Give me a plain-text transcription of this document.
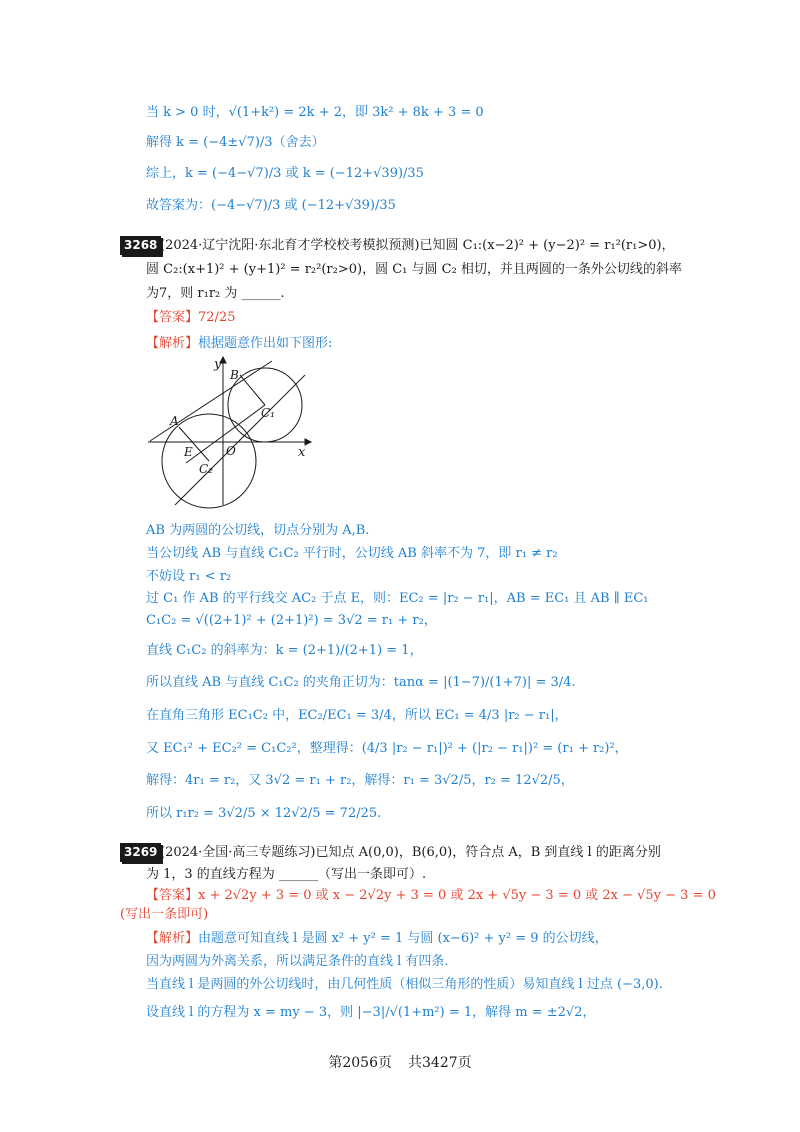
当 k > 0 时，√(1+k²) = 2k + 2，即 3k² + 8k + 3 = 0
解得 k = (−4±√7)/3（舍去）
综上，k = (−4−√7)/3 或 k = (−12+√39)/35
故答案为：(−4−√7)/3 或 (−12+√39)/35
3268 (2024·辽宁沈阳·东北育才学校校考模拟预测)已知圆 C₁:(x−2)² + (y−2)² = r₁²(r₁>0)，
圆 C₂:(x+1)² + (y+1)² = r₂²(r₂>0)，圆 C₁ 与圆 C₂ 相切，并且两圆的一条外公切线的斜率
为7，则 r₁r₂ 为 ______.
【答案】72/25
【解析】根据题意作出如下图形:
y
x
B
A
C₁
E	O
C₂
AB 为两圆的公切线，切点分别为 A,B.
当公切线 AB 与直线 C₁C₂ 平行时，公切线 AB 斜率不为 7，即 r₁ ≠ r₂
不妨设 r₁ < r₂
过 C₁ 作 AB 的平行线交 AC₂ 于点 E，则：EC₂ = |r₂ − r₁|，AB = EC₁ 且 AB ∥ EC₁
C₁C₂ = √((2+1)² + (2+1)²) = 3√2 = r₁ + r₂，
直线 C₁C₂ 的斜率为：k = (2+1)/(2+1) = 1，
所以直线 AB 与直线 C₁C₂ 的夹角正切为：tanα = |(1−7)/(1+7)| = 3/4.
在直角三角形 EC₁C₂ 中，EC₂/EC₁ = 3/4，所以 EC₁ = 4/3 |r₂ − r₁|，
又 EC₁² + EC₂² = C₁C₂²，整理得：(4/3 |r₂ − r₁|)² + (|r₂ − r₁|)² = (r₁ + r₂)²，
解得：4r₁ = r₂，又 3√2 = r₁ + r₂，解得：r₁ = 3√2/5，r₂ = 12√2/5，
所以 r₁r₂ = 3√2/5 × 12√2/5 = 72/25.
3269 (2024·全国·高三专题练习)已知点 A(0,0)，B(6,0)，符合点 A，B 到直线 l 的距离分别
为 1，3 的直线方程为 ______（写出一条即可）.
【答案】x + 2√2y + 3 = 0 或 x − 2√2y + 3 = 0 或 2x + √5y − 3 = 0 或 2x − √5y − 3 = 0
(写出一条即可)
【解析】由题意可知直线 l 是圆 x² + y² = 1 与圆 (x−6)² + y² = 9 的公切线，
因为两圆为外离关系，所以满足条件的直线 l 有四条.
当直线 l 是两圆的外公切线时，由几何性质（相似三角形的性质）易知直线 l 过点 (−3,0).
设直线 l 的方程为 x = my − 3，则 |−3|/√(1+m²) = 1，解得 m = ±2√2，
第2056页 共3427页
